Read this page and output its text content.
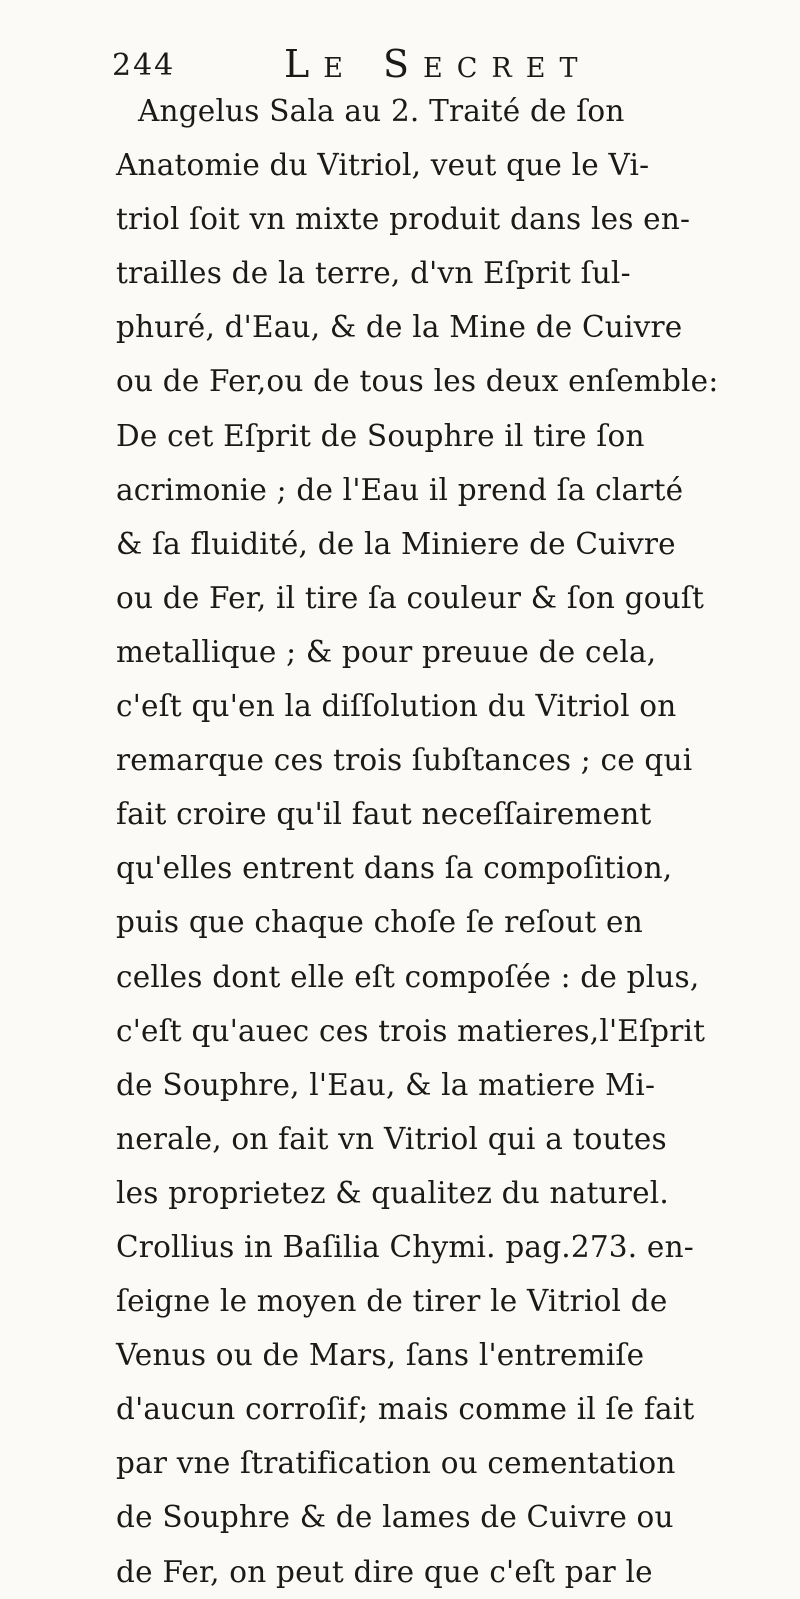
244	Le Secret
Angelus Sala au 2. Traité de ſon
Anatomie du Vitriol, veut que le Vi-
triol ſoit vn mixte produit dans les en-
trailles de la terre, d'vn Eſprit ſul-
phuré, d'Eau, & de la Mine de Cuivre
ou de Fer,ou de tous les deux enſemble:
De cet Eſprit de Souphre il tire ſon
acrimonie ; de l'Eau il prend ſa clarté
& ſa fluidité, de la Miniere de Cuivre
ou de Fer, il tire ſa couleur & ſon gouſt
metallique ; & pour preuue de cela,
c'eſt qu'en la diſſolution du Vitriol on
remarque ces trois ſubſtances ; ce qui
fait croire qu'il faut neceſſairement
qu'elles entrent dans ſa compoſition,
puis que chaque choſe ſe reſout en
celles dont elle eſt compoſée : de plus,
c'eſt qu'auec ces trois matieres,l'Eſprit
de Souphre, l'Eau, & la matiere Mi-
nerale, on fait vn Vitriol qui a toutes
les proprietez & qualitez du naturel.
Crollius in Baſilia Chymi. pag.273. en-
ſeigne le moyen de tirer le Vitriol de
Venus ou de Mars, ſans l'entremiſe
d'aucun corroſif; mais comme il ſe fait
par vne ſtratification ou cementation
de Souphre & de lames de Cuivre ou
de Fer, on peut dire que c'eſt par le
